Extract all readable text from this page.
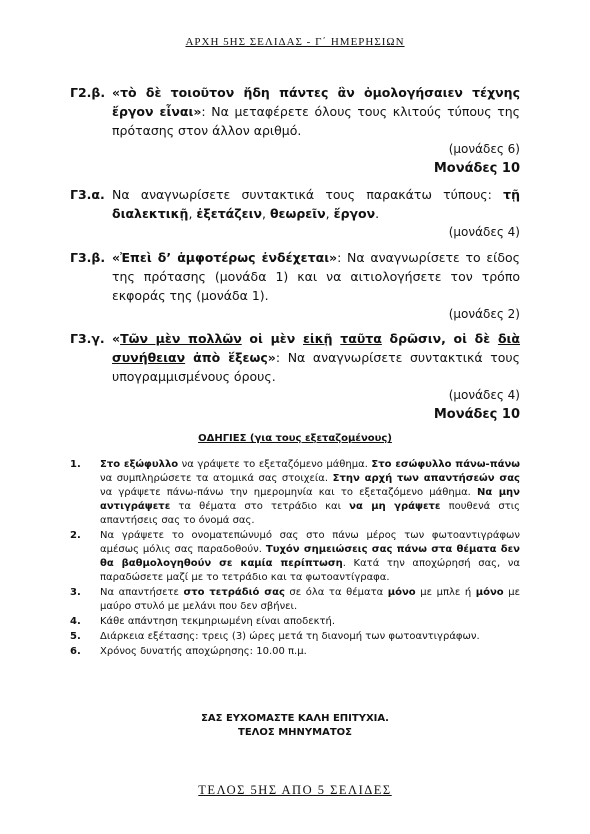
ΑΡΧΗ 5ΗΣ ΣΕΛΙΔΑΣ - Γ΄ ΗΜΕΡΗΣΙΩΝ
Γ2.β. «τὸ δὲ τοιοῦτον ἤδη πάντες ἂν ὁμολογήσαιεν τέχνης ἔργον εἶναι»: Να μεταφέρετε όλους τους κλιτούς τύπους της πρότασης στον άλλον αριθμό.
(μονάδες 6)
Μονάδες 10
Γ3.α. Να αναγνωρίσετε συντακτικά τους παρακάτω τύπους: τῇ διαλεκτικῇ, ἐξετάζειν, θεωρεῖν, ἔργον.
(μονάδες 4)
Γ3.β. «Ἐπεὶ δ’ ἀμφοτέρως ἐνδέχεται»: Να αναγνωρίσετε το είδος της πρότασης (μονάδα 1) και να αιτιολογήσετε τον τρόπο εκφοράς της (μονάδα 1).
(μονάδες 2)
Γ3.γ. «Τῶν μὲν πολλῶν οἱ μὲν εἰκῇ ταῦτα δρῶσιν, οἱ δὲ διὰ συνήθειαν ἀπὸ ἕξεως»: Να αναγνωρίσετε συντακτικά τους υπογραμμισμένους όρους.
(μονάδες 4)
Μονάδες 10
ΟΔΗΓΙΕΣ (για τους εξεταζομένους)
1. Στο εξώφυλλο να γράψετε το εξεταζόμενο μάθημα. Στο εσώφυλλο πάνω-πάνω να συμπληρώσετε τα ατομικά σας στοιχεία. Στην αρχή των απαντήσεών σας να γράψετε πάνω-πάνω την ημερομηνία και το εξεταζόμενο μάθημα. Να μην αντιγράψετε τα θέματα στο τετράδιο και να μη γράψετε πουθενά στις απαντήσεις σας το όνομά σας.
2. Να γράψετε το ονοματεπώνυμό σας στο πάνω μέρος των φωτοαντιγράφων αμέσως μόλις σας παραδοθούν. Τυχόν σημειώσεις σας πάνω στα θέματα δεν θα βαθμολογηθούν σε καμία περίπτωση. Κατά την αποχώρησή σας, να παραδώσετε μαζί με το τετράδιο και τα φωτοαντίγραφα.
3. Να απαντήσετε στο τετράδιό σας σε όλα τα θέματα μόνο με μπλε ή μόνο με μαύρο στυλό με μελάνι που δεν σβήνει.
4. Κάθε απάντηση τεκμηριωμένη είναι αποδεκτή.
5. Διάρκεια εξέτασης: τρεις (3) ώρες μετά τη διανομή των φωτοαντιγράφων.
6. Χρόνος δυνατής αποχώρησης: 10.00 π.μ.
ΣΑΣ ΕΥΧΟΜΑΣΤΕ ΚΑΛΗ ΕΠΙΤΥΧΙΑ.
ΤΕΛΟΣ ΜΗΝΥΜΑΤΟΣ
ΤΕΛΟΣ 5ΗΣ ΑΠΟ 5 ΣΕΛΙΔΕΣ
